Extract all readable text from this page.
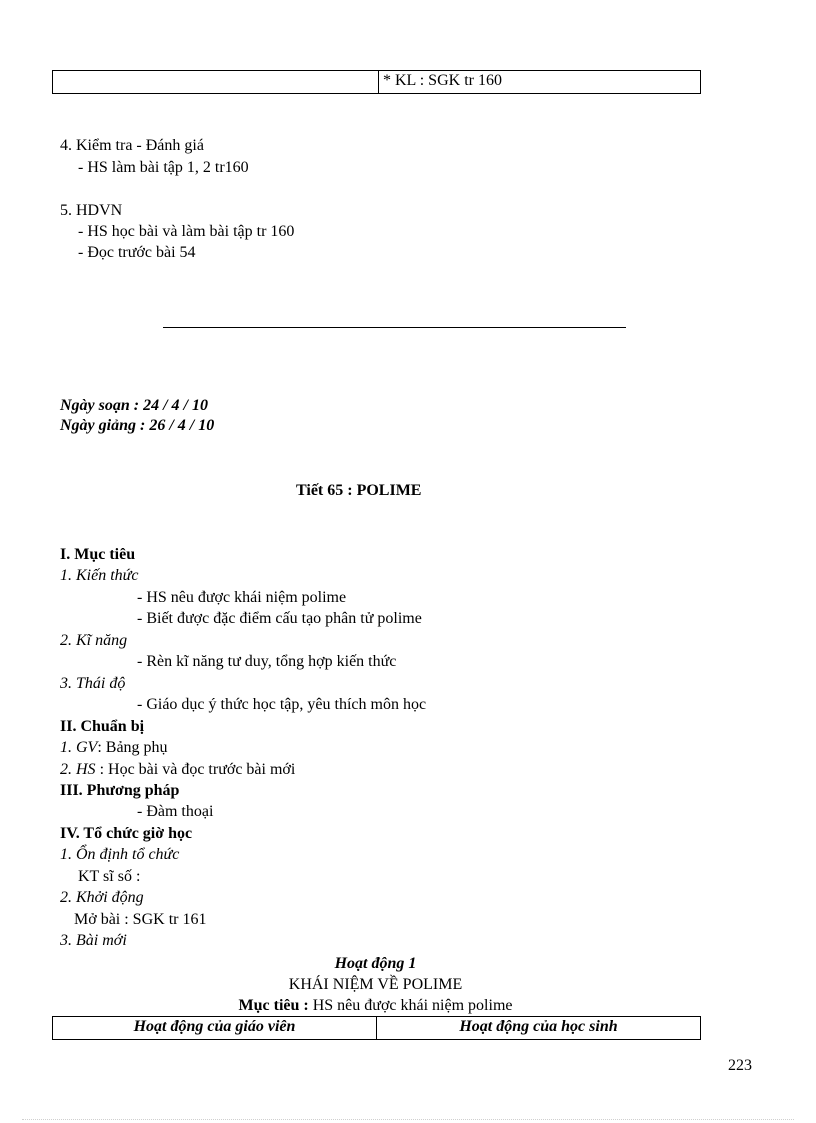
* KL : SGK tr 160
4. Kiểm tra - Đánh giá
- HS làm bài tập 1, 2 tr160
5. HDVN
- HS học bài và làm bài tập tr 160
- Đọc trước bài 54
Ngày soạn : 24 / 4 / 10
Ngày giảng : 26 / 4 / 10
Tiết 65 : POLIME
I. Mục tiêu
1. Kiến thức
- HS nêu được khái niệm polime
- Biết được đặc điểm cấu tạo phân tử polime
2. Kĩ năng
- Rèn kĩ năng tư duy, tổng hợp kiến thức
3. Thái độ
- Giáo dục ý thức học tập, yêu thích môn học
II. Chuẩn bị
1. GV: Bảng phụ
2. HS : Học bài và đọc trước bài mới
III. Phương pháp
- Đàm thoại
IV. Tổ chức giờ học
1. Ổn định tổ chức
KT sĩ số :
2. Khởi động
Mở bài : SGK tr 161
3. Bài mới
Hoạt động 1
KHÁI NIỆM VỀ POLIME
Mục tiêu : HS nêu được khái niệm polime
Hoạt động của giáo viên	Hoạt động của học sinh
223
